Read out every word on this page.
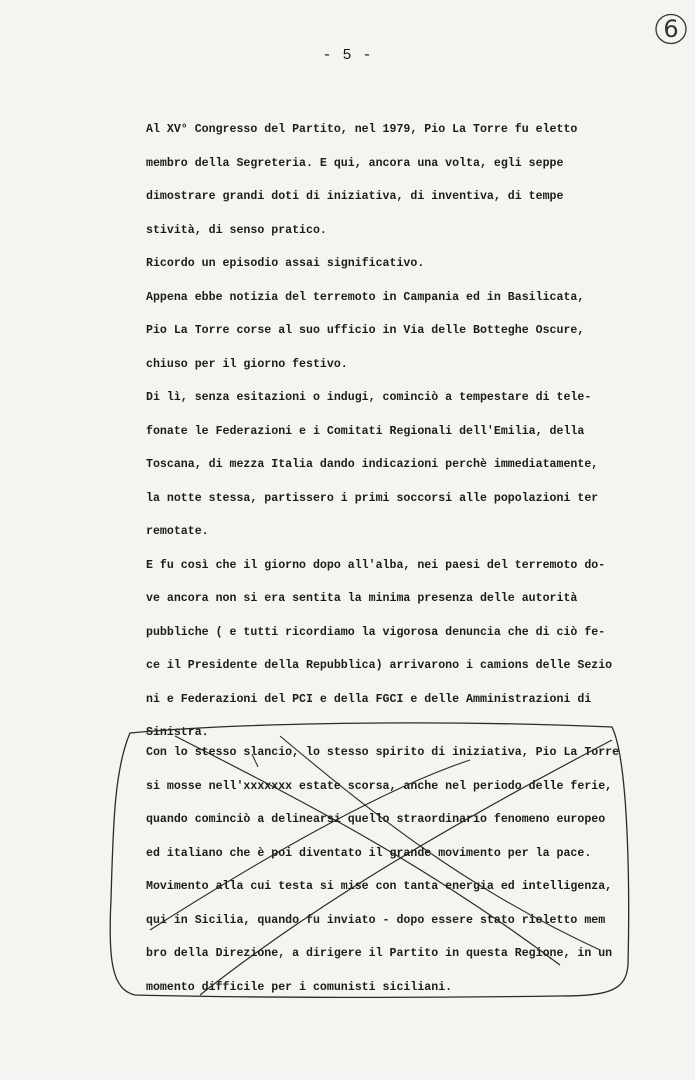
6
- 5 -
Al XV° Congresso del Partito, nel 1979, Pio La Torre fu eletto
membro della Segreteria. E qui, ancora una volta, egli seppe
dimostrare grandi doti di iniziativa, di inventiva, di tempe
stività, di senso pratico.
Ricordo un episodio assai significativo.
Appena ebbe notizia del terremoto in Campania ed in Basilicata,
Pio La Torre corse al suo ufficio in Via delle Botteghe Oscure,
chiuso per il giorno festivo.
Di lì, senza esitazioni o indugi, cominciò a tempestare di tele-
fonate le Federazioni e i Comitati Regionali dell'Emilia, della
Toscana, di mezza Italia dando indicazioni perchè immediatamente,
la notte stessa, partissero i primi soccorsi alle popolazioni ter
remotate.
E fu così che il giorno dopo all'alba, nei paesi del terremoto do-
ve ancora non si era sentita la minima presenza delle autorità
pubbliche ( e tutti ricordiamo la vigorosa denuncia che di ciò fe-
ce il Presidente della Repubblica) arrivarono i camions delle Sezio
ni e Federazioni del PCI e della FGCI e delle Amministrazioni di
Sinistra.
Con lo stesso slancio, lo stesso spirito di iniziativa, Pio La Torre
si mosse nell'xxxxxxx estate scorsa, anche nel periodo delle ferie,
quando cominciò a delinearsi quello straordinario fenomeno europeo
ed italiano che è poi diventato il grande movimento per la pace.
Movimento alla cui testa si mise con tanta energia ed intelligenza,
qui in Sicilia, quando fu inviato - dopo essere stato rieletto mem
bro della Direzione, a dirigere il Partito in questa Regione, in un
momento difficile per i comunisti siciliani.
